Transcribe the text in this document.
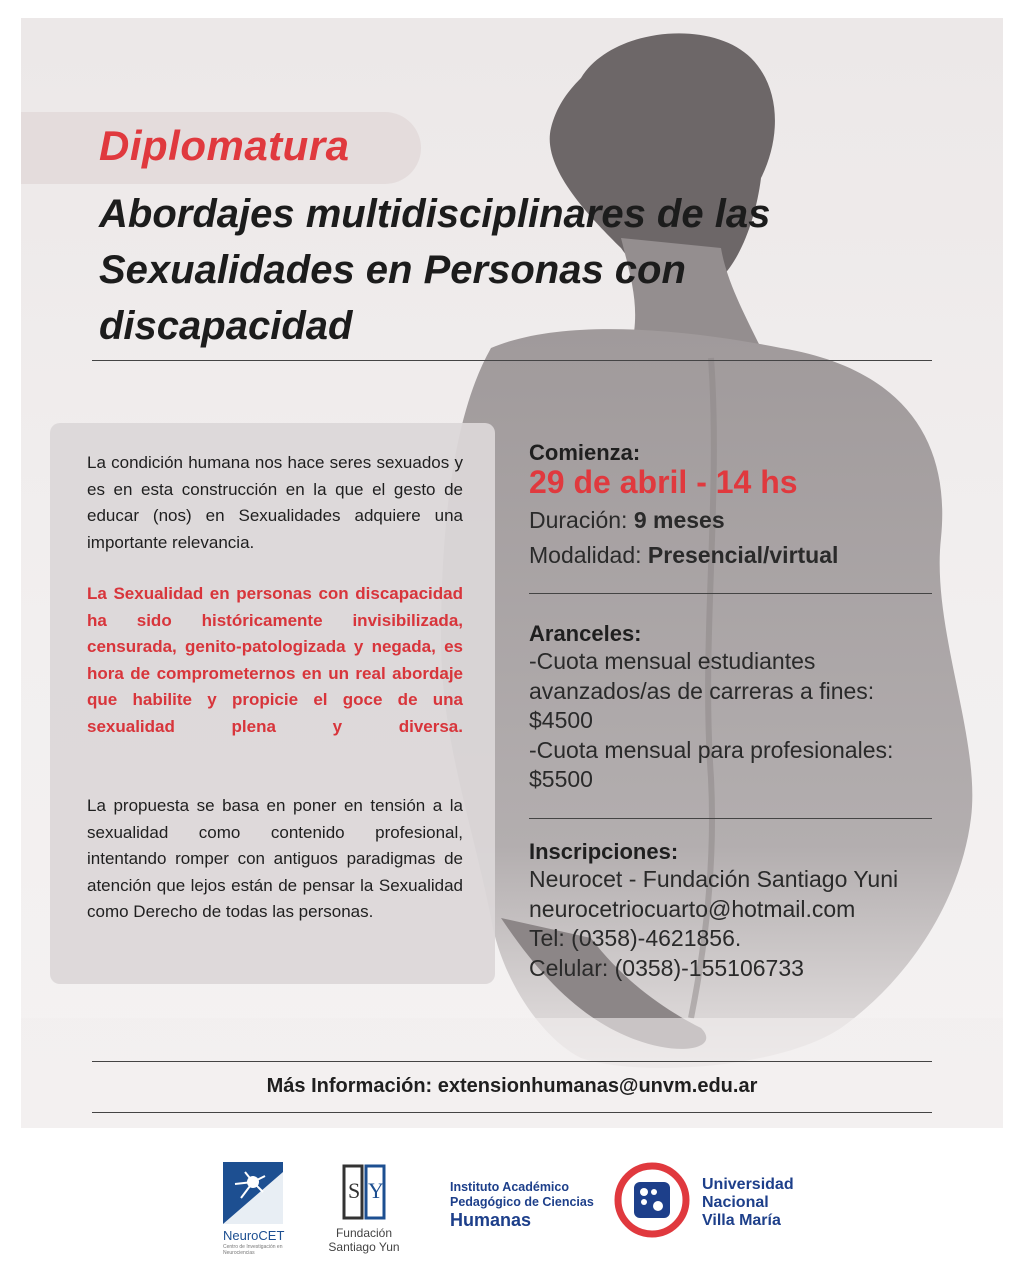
Diplomatura
Abordajes multidisciplinares de las
Sexualidades en Personas con
discapacidad
La condición humana nos hace seres sexuados y es en esta construcción en la que el gesto de educar (nos) en Sexualidades adquiere una importante relevancia.
La Sexualidad en personas con discapacidad ha sido históricamente invisibilizada, censurada, genito-patologizada y negada, es hora de comprometernos en un real abordaje que habilite y propicie el goce de una sexualidad plena y diversa.
La propuesta se basa en poner en tensión a la sexualidad como contenido profesional, intentando romper con antiguos paradigmas de atención que lejos están de pensar la Sexualidad como Derecho de todas las personas.
Comienza:
29 de abril - 14 hs
Duración: 9 meses
Modalidad: Presencial/virtual
Aranceles:
-Cuota mensual estudiantes
avanzados/as de carreras a fines:
$4500
-Cuota mensual para profesionales:
$5500
Inscripciones:
Neurocet - Fundación Santiago Yuni
neurocetriocuarto@hotmail.com
Tel: (0358)-4621856.
Celular: (0358)-155106733
Más Información: extensionhumanas@unvm.edu.ar
NeuroCET
Centro de Investigación en Neurociencias
S Y
Fundación
Santiago Yun
Instituto Académico
Pedagógico de Ciencias
Humanas
Universidad
Nacional
Villa María
